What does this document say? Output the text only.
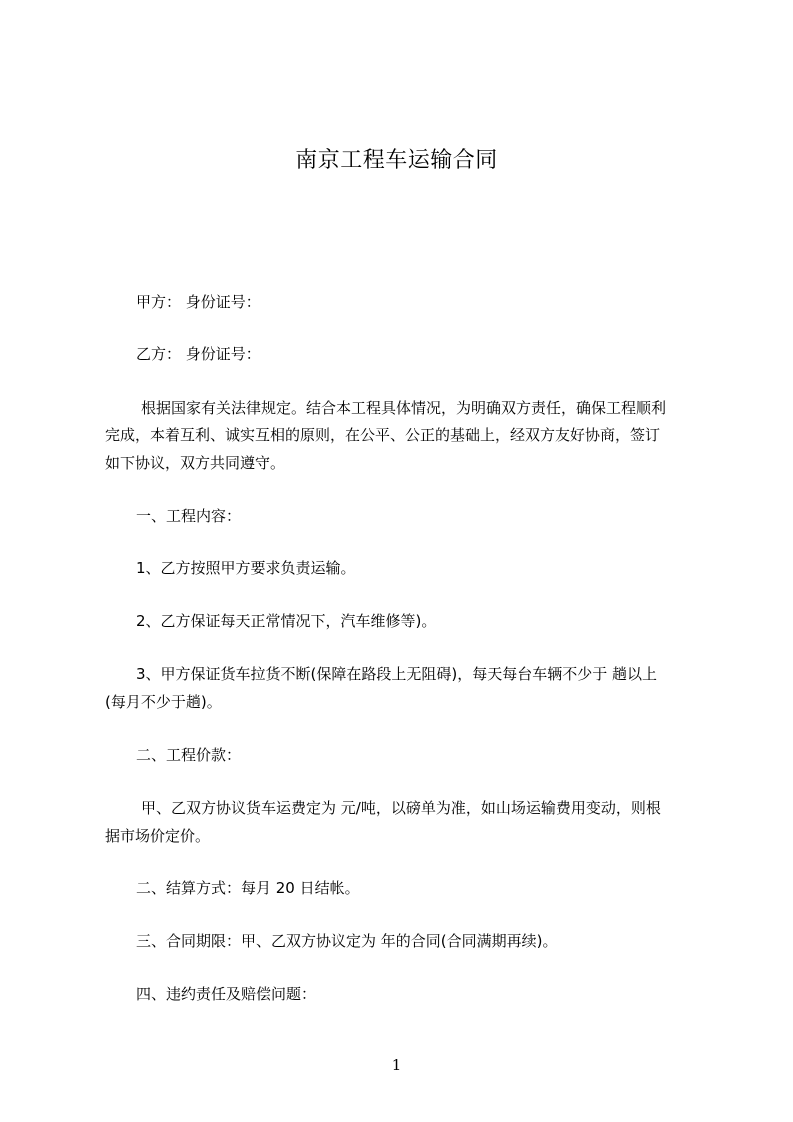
南京工程车运输合同
甲方： 身份证号：
乙方： 身份证号：
根据国家有关法律规定。结合本工程具体情况，为明确双方责任，确保工程顺利
完成，本着互利、诚实互相的原则，在公平、公正的基础上，经双方友好协商，签订
如下协议，双方共同遵守。
一、工程内容：
1、乙方按照甲方要求负责运输。
2、乙方保证每天正常情况下，汽车维修等)。
3、甲方保证货车拉货不断(保障在路段上无阻碍)，每天每台车辆不少于 趟以上
(每月不少于趟)。
二、工程价款：
甲、乙双方协议货车运费定为 元/吨，以磅单为准，如山场运输费用变动，则根
据市场价定价。
二、结算方式：每月 20 日结帐。
三、合同期限：甲、乙双方协议定为 年的合同(合同满期再续)。
四、违约责任及赔偿问题：
1
